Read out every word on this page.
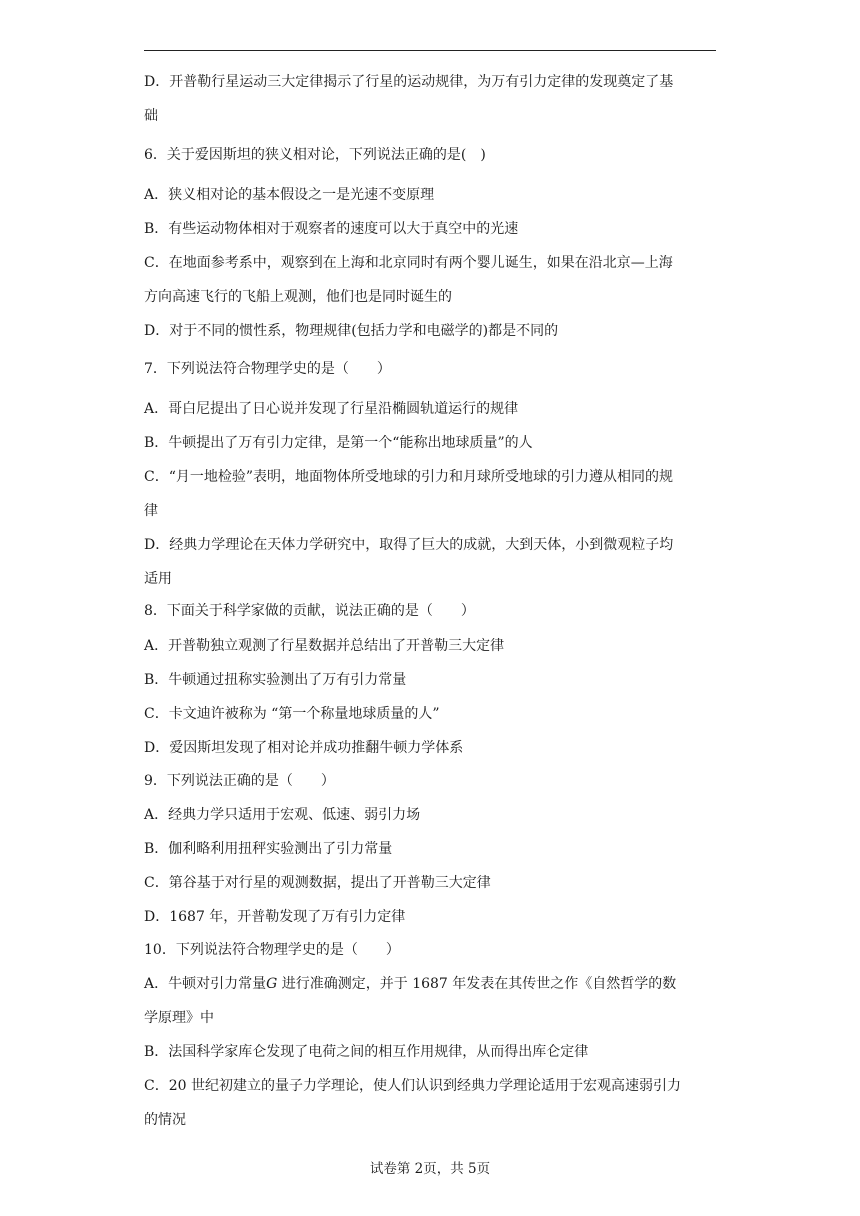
D．开普勒行星运动三大定律揭示了行星的运动规律，为万有引力定律的发现奠定了基
础
6．关于爱因斯坦的狭义相对论，下列说法正确的是(　)
A．狭义相对论的基本假设之一是光速不变原理
B．有些运动物体相对于观察者的速度可以大于真空中的光速
C．在地面参考系中，观察到在上海和北京同时有两个婴儿诞生，如果在沿北京—上海
方向高速飞行的飞船上观测，他们也是同时诞生的
D．对于不同的惯性系，物理规律(包括力学和电磁学的)都是不同的
7．下列说法符合物理学史的是（　　）
A．哥白尼提出了日心说并发现了行星沿椭圆轨道运行的规律
B．牛顿提出了万有引力定律，是第一个“能称出地球质量”的人
C．“月一地检验”表明，地面物体所受地球的引力和月球所受地球的引力遵从相同的规
律
D．经典力学理论在天体力学研究中，取得了巨大的成就，大到天体，小到微观粒子均
适用
8．下面关于科学家做的贡献，说法正确的是（　　）
A．开普勒独立观测了行星数据并总结出了开普勒三大定律
B．牛顿通过扭称实验测出了万有引力常量
C．卡文迪许被称为 “第一个称量地球质量的人”
D．爱因斯坦发现了相对论并成功推翻牛顿力学体系
9．下列说法正确的是（　　）
A．经典力学只适用于宏观、低速、弱引力场
B．伽利略利用扭秤实验测出了引力常量
C．第谷基于对行星的观测数据，提出了开普勒三大定律
D．1687 年，开普勒发现了万有引力定律
10．下列说法符合物理学史的是（　　）
A．牛顿对引力常量G 进行准确测定，并于 1687 年发表在其传世之作《自然哲学的数
学原理》中
B．法国科学家库仑发现了电荷之间的相互作用规律，从而得出库仑定律
C．20 世纪初建立的量子力学理论，使人们认识到经典力学理论适用于宏观高速弱引力
的情况
试卷第 2页，共 5页
